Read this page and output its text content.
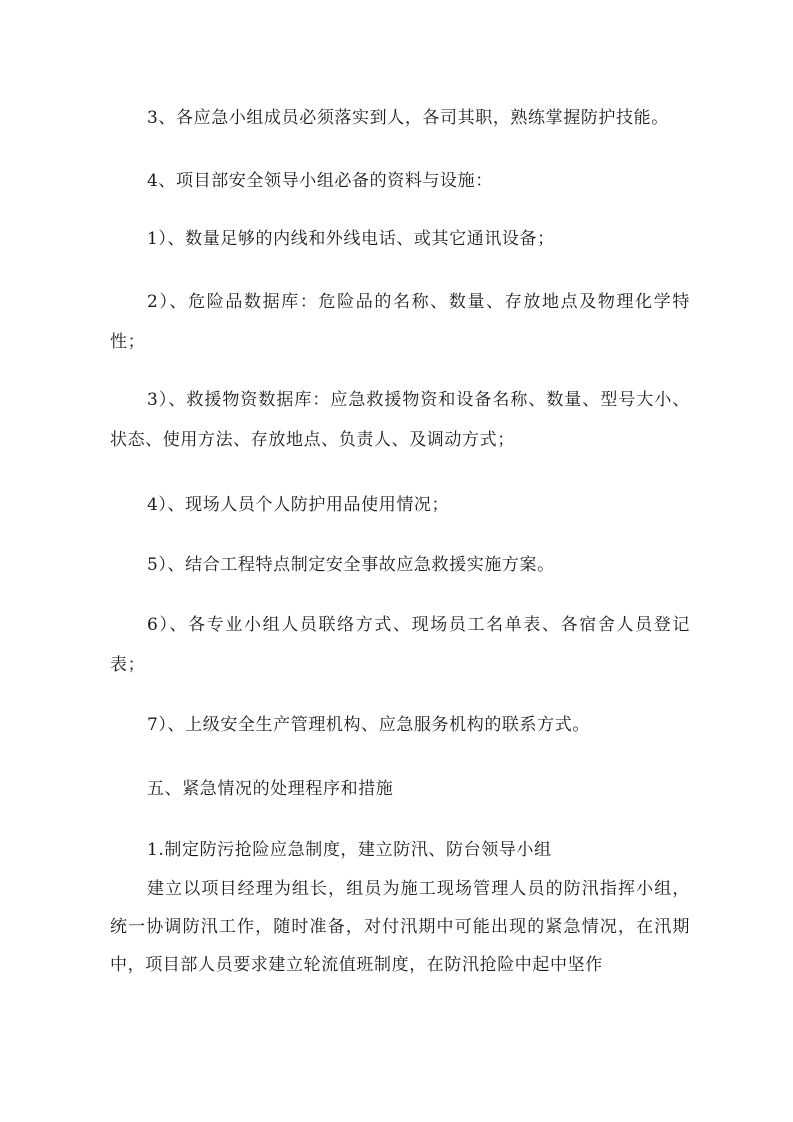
3、各应急小组成员必须落实到人，各司其职，熟练掌握防护技能。

4、项目部安全领导小组必备的资料与设施：

1）、数量足够的内线和外线电话、或其它通讯设备；

2）、危险品数据库：危险品的名称、数量、存放地点及物理化学特性；

3）、救援物资数据库：应急救援物资和设备名称、数量、型号大小、状态、使用方法、存放地点、负责人、及调动方式；

4）、现场人员个人防护用品使用情况；

5）、结合工程特点制定安全事故应急救援实施方案。

6）、各专业小组人员联络方式、现场员工名单表、各宿舍人员登记表；

7）、上级安全生产管理机构、应急服务机构的联系方式。

五、紧急情况的处理程序和措施

1.制定防污抢险应急制度，建立防汛、防台领导小组

建立以项目经理为组长，组员为施工现场管理人员的防汛指挥小组，统一协调防汛工作，随时准备，对付汛期中可能出现的紧急情况，在汛期中，项目部人员要求建立轮流值班制度，在防汛抢险中起中坚作
